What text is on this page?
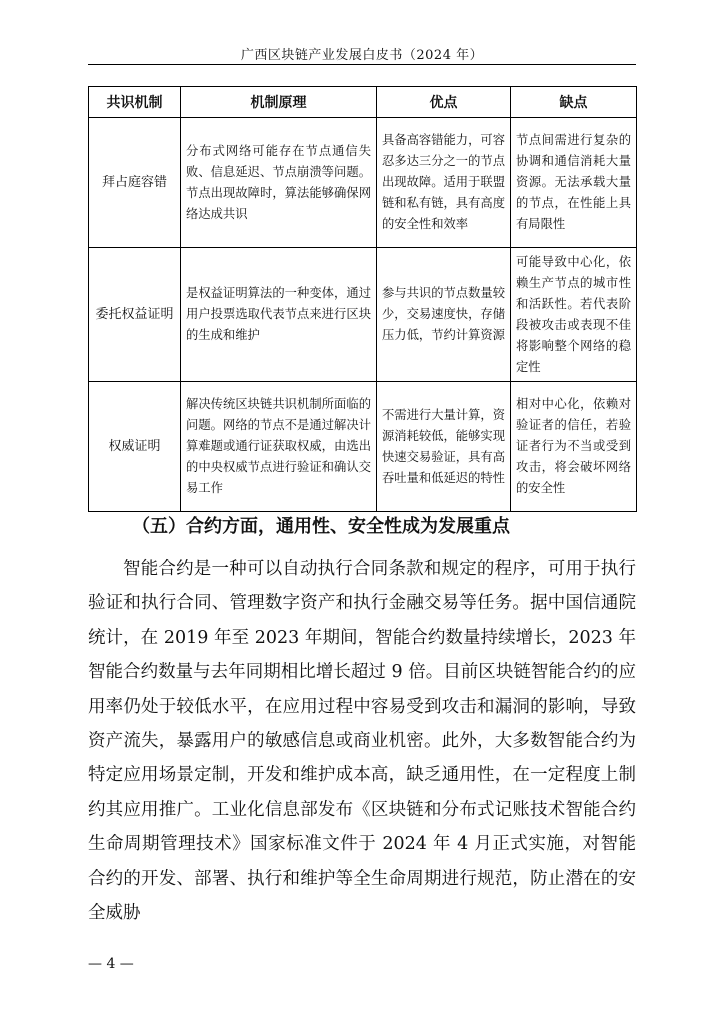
广西区块链产业发展白皮书（2024 年）
共识机制	机制原理	优点	缺点
拜占庭容错	分布式网络可能存在节点通信失败、信息延迟、节点崩溃等问题。节点出现故障时，算法能够确保网络达成共识	具备高容错能力，可容忍多达三分之一的节点出现故障。适用于联盟链和私有链，具有高度的安全性和效率	节点间需进行复杂的协调和通信消耗大量资源。无法承载大量的节点，在性能上具有局限性
委托权益证明	是权益证明算法的一种变体，通过用户投票选取代表节点来进行区块的生成和维护	参与共识的节点数量较少，交易速度快，存储压力低，节约计算资源	可能导致中心化，依赖生产节点的城市性和活跃性。若代表阶段被攻击或表现不佳将影响整个网络的稳定性
权威证明	解决传统区块链共识机制所面临的问题。网络的节点不是通过解决计算难题或通行证获取权威，由选出的中央权威节点进行验证和确认交易工作	不需进行大量计算，资源消耗较低，能够实现快速交易验证，具有高吞吐量和低延迟的特性	相对中心化，依赖对验证者的信任，若验证者行为不当或受到攻击，将会破坏网络的安全性
（五）合约方面，通用性、安全性成为发展重点

智能合约是一种可以自动执行合同条款和规定的程序，可用于执行验证和执行合同、管理数字资产和执行金融交易等任务。据中国信通院统计，在 2019 年至 2023 年期间，智能合约数量持续增长，2023 年智能合约数量与去年同期相比增长超过 9 倍。目前区块链智能合约的应用率仍处于较低水平，在应用过程中容易受到攻击和漏洞的影响，导致资产流失，暴露用户的敏感信息或商业机密。此外，大多数智能合约为特定应用场景定制，开发和维护成本高，缺乏通用性，在一定程度上制约其应用推广。工业化信息部发布《区块链和分布式记账技术智能合约生命周期管理技术》国家标准文件于 2024 年 4 月正式实施，对智能合约的开发、部署、执行和维护等全生命周期进行规范，防止潜在的安全威胁

— 4 —
